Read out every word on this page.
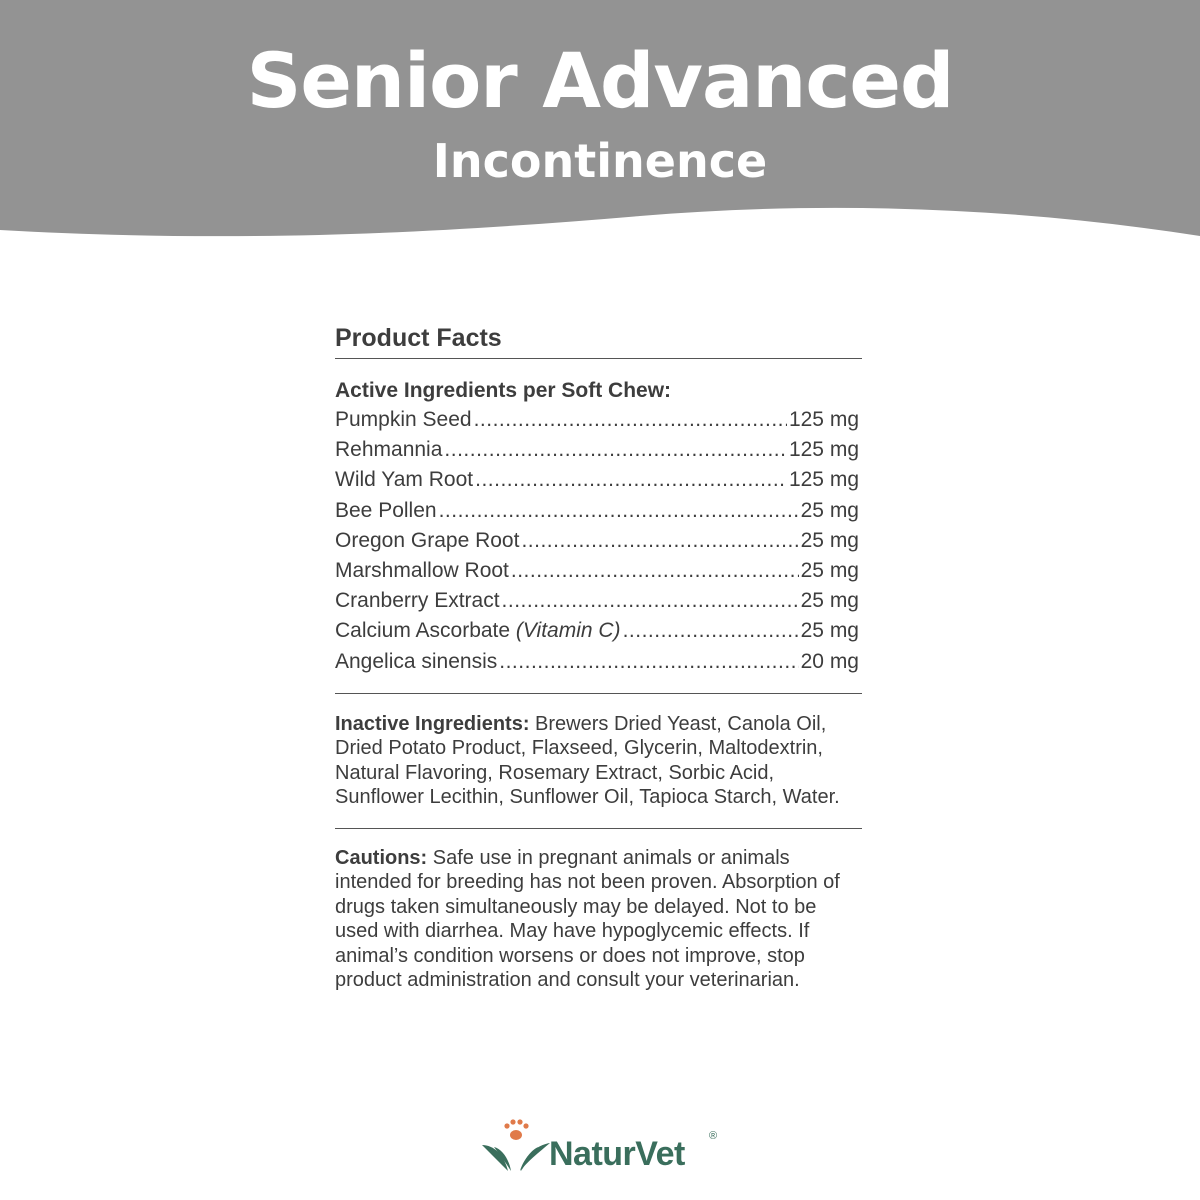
Senior Advanced
Incontinence
Product Facts
Active Ingredients per Soft Chew:
Pumpkin Seed .....	125 mg
Rehmannia .....	125 mg
Wild Yam Root .....	125 mg
Bee Pollen .....	25 mg
Oregon Grape Root .....	25 mg
Marshmallow Root .....	25 mg
Cranberry Extract .....	25 mg
Calcium Ascorbate (Vitamin C) .....	25 mg
Angelica sinensis .....	20 mg
Inactive Ingredients: Brewers Dried Yeast, Canola Oil, Dried Potato Product, Flaxseed, Glycerin, Maltodextrin, Natural Flavoring, Rosemary Extract, Sorbic Acid, Sunflower Lecithin, Sunflower Oil, Tapioca Starch, Water.
Cautions: Safe use in pregnant animals or animals intended for breeding has not been proven. Absorption of drugs taken simultaneously may be delayed. Not to be used with diarrhea. May have hypoglycemic effects. If animal’s condition worsens or does not improve, stop product administration and consult your veterinarian.
NaturVet ®
